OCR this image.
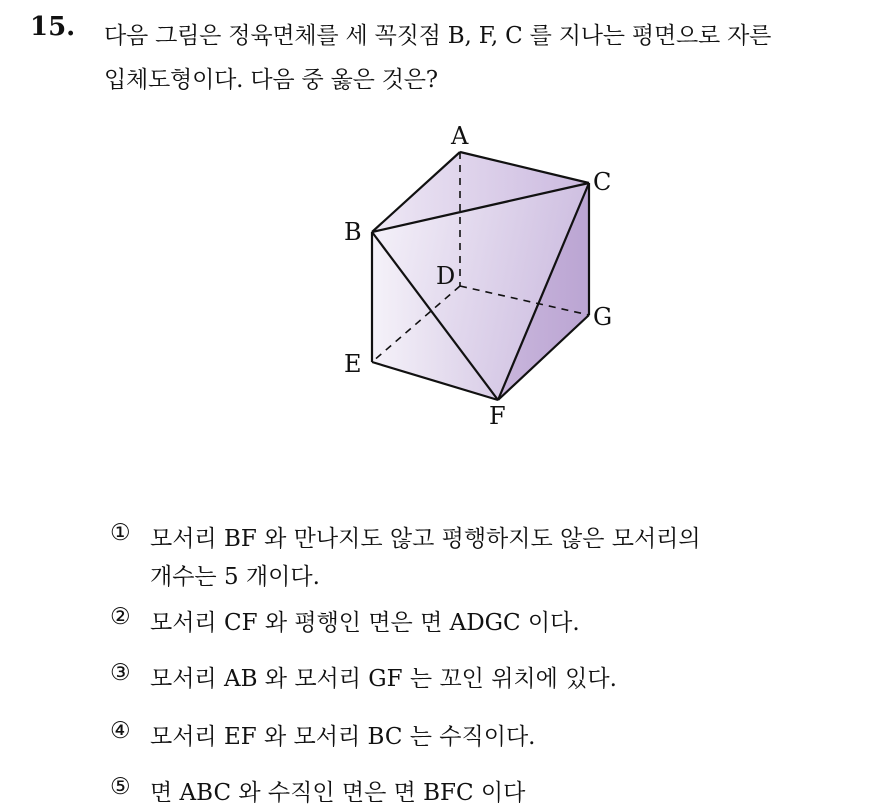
15. 다음 그림은 정육면체를 세 꼭짓점 B, F, C 를 지나는 평면으로 자른
입체도형이다. 다음 중 옳은 것은?
A
C
B
D
G
E
F
① 모서리 BF 와 만나지도 않고 평행하지도 않은 모서리의
개수는 5 개이다.
② 모서리 CF 와 평행인 면은 면 ADGC 이다.
③ 모서리 AB 와 모서리 GF 는 꼬인 위치에 있다.
④ 모서리 EF 와 모서리 BC 는 수직이다.
⑤ 면 ABC 와 수직인 면은 면 BFC 이다
